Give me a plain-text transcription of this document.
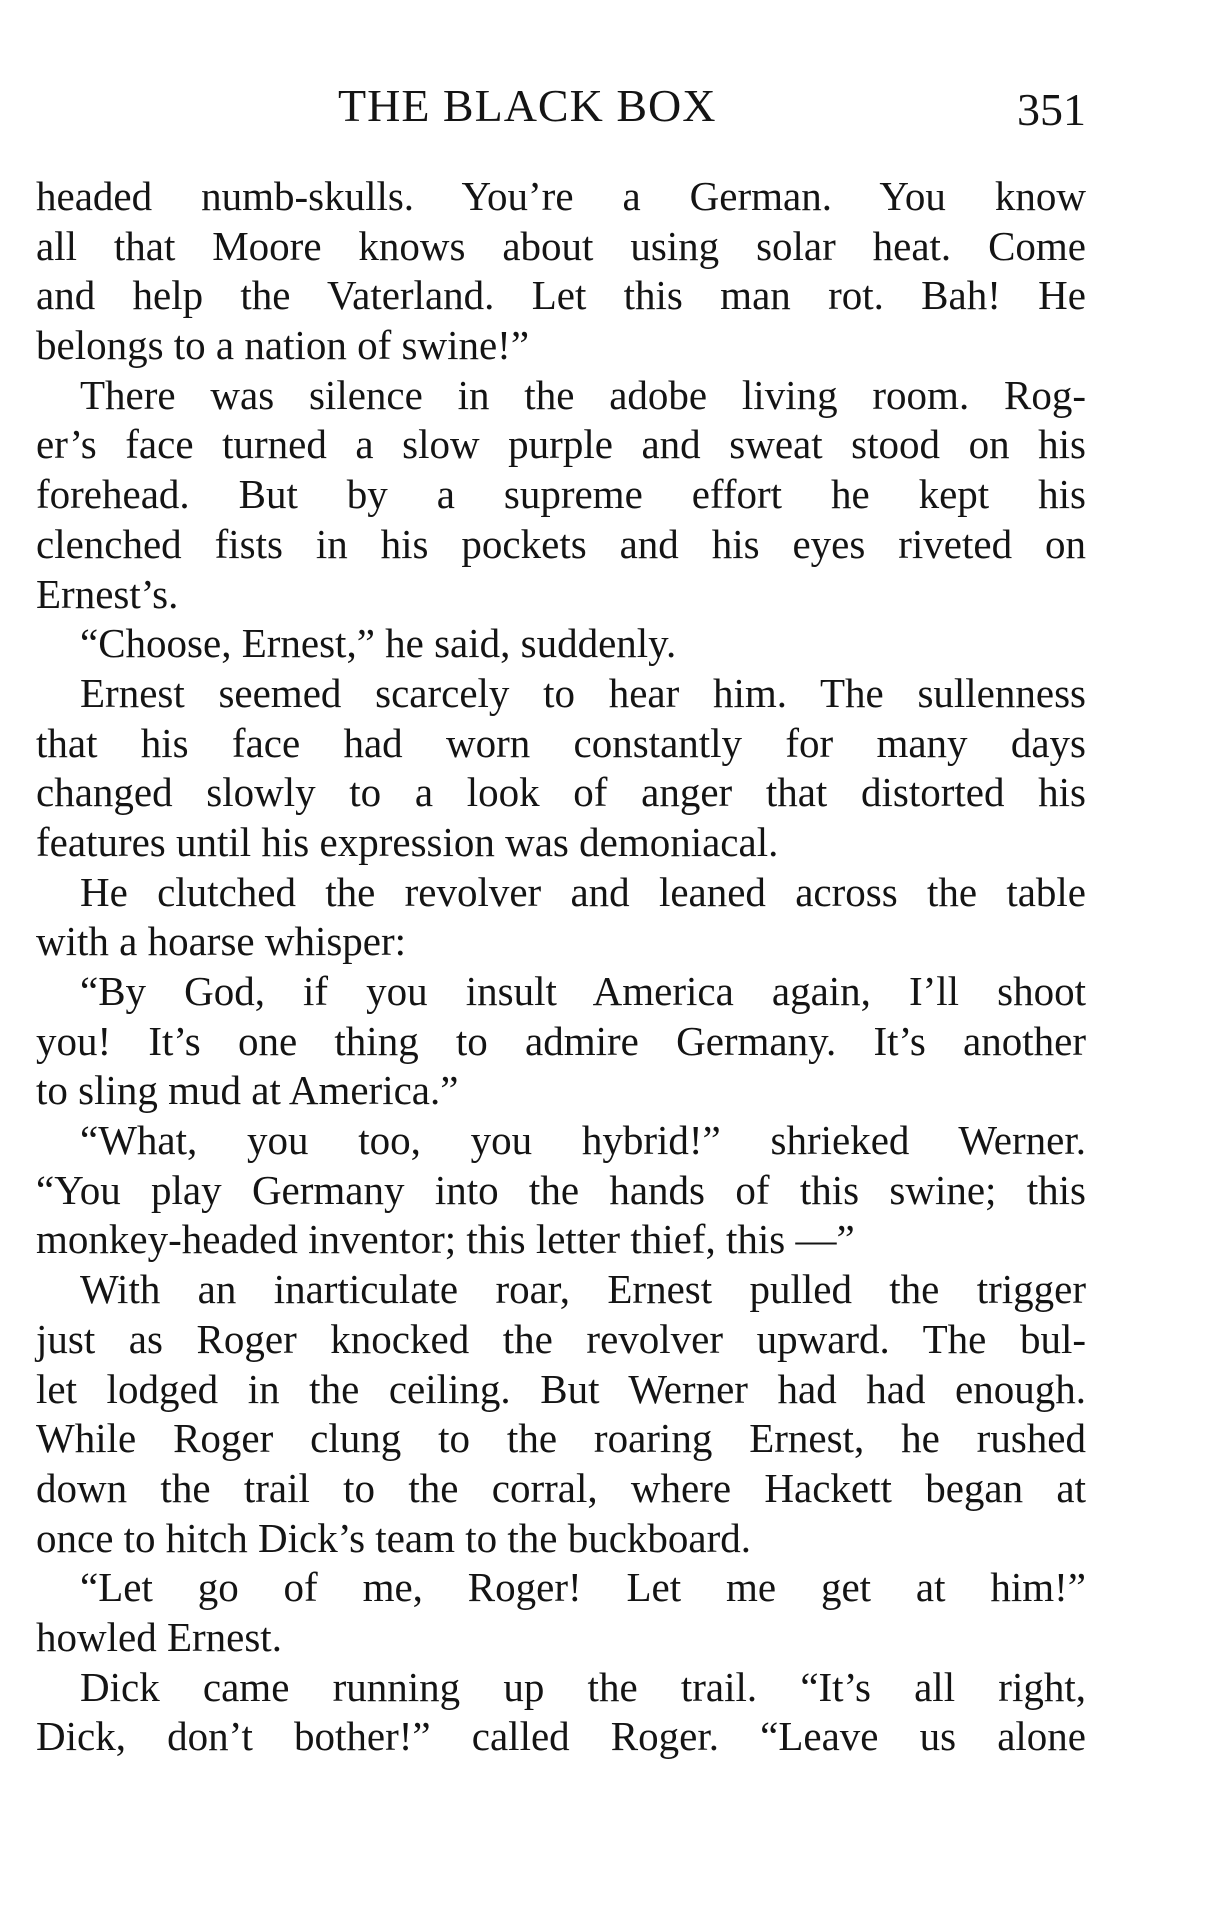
THE BLACK BOX	351
headed numb-skulls. You’re a German. You know
all that Moore knows about using solar heat. Come
and help the Vaterland. Let this man rot. Bah! He
belongs to a nation of swine!”
There was silence in the adobe living room. Rog-
er’s face turned a slow purple and sweat stood on his
forehead. But by a supreme effort he kept his
clenched fists in his pockets and his eyes riveted on
Ernest’s.
“Choose, Ernest,” he said, suddenly.
Ernest seemed scarcely to hear him. The sullenness
that his face had worn constantly for many days
changed slowly to a look of anger that distorted his
features until his expression was demoniacal.
He clutched the revolver and leaned across the table
with a hoarse whisper:
“By God, if you insult America again, I’ll shoot
you! It’s one thing to admire Germany. It’s another
to sling mud at America.”
“What, you too, you hybrid!” shrieked Werner.
“You play Germany into the hands of this swine; this
monkey-headed inventor; this letter thief, this —”
With an inarticulate roar, Ernest pulled the trigger
just as Roger knocked the revolver upward. The bul-
let lodged in the ceiling. But Werner had had enough.
While Roger clung to the roaring Ernest, he rushed
down the trail to the corral, where Hackett began at
once to hitch Dick’s team to the buckboard.
“Let go of me, Roger! Let me get at him!”
howled Ernest.
Dick came running up the trail. “It’s all right,
Dick, don’t bother!” called Roger. “Leave us alone
